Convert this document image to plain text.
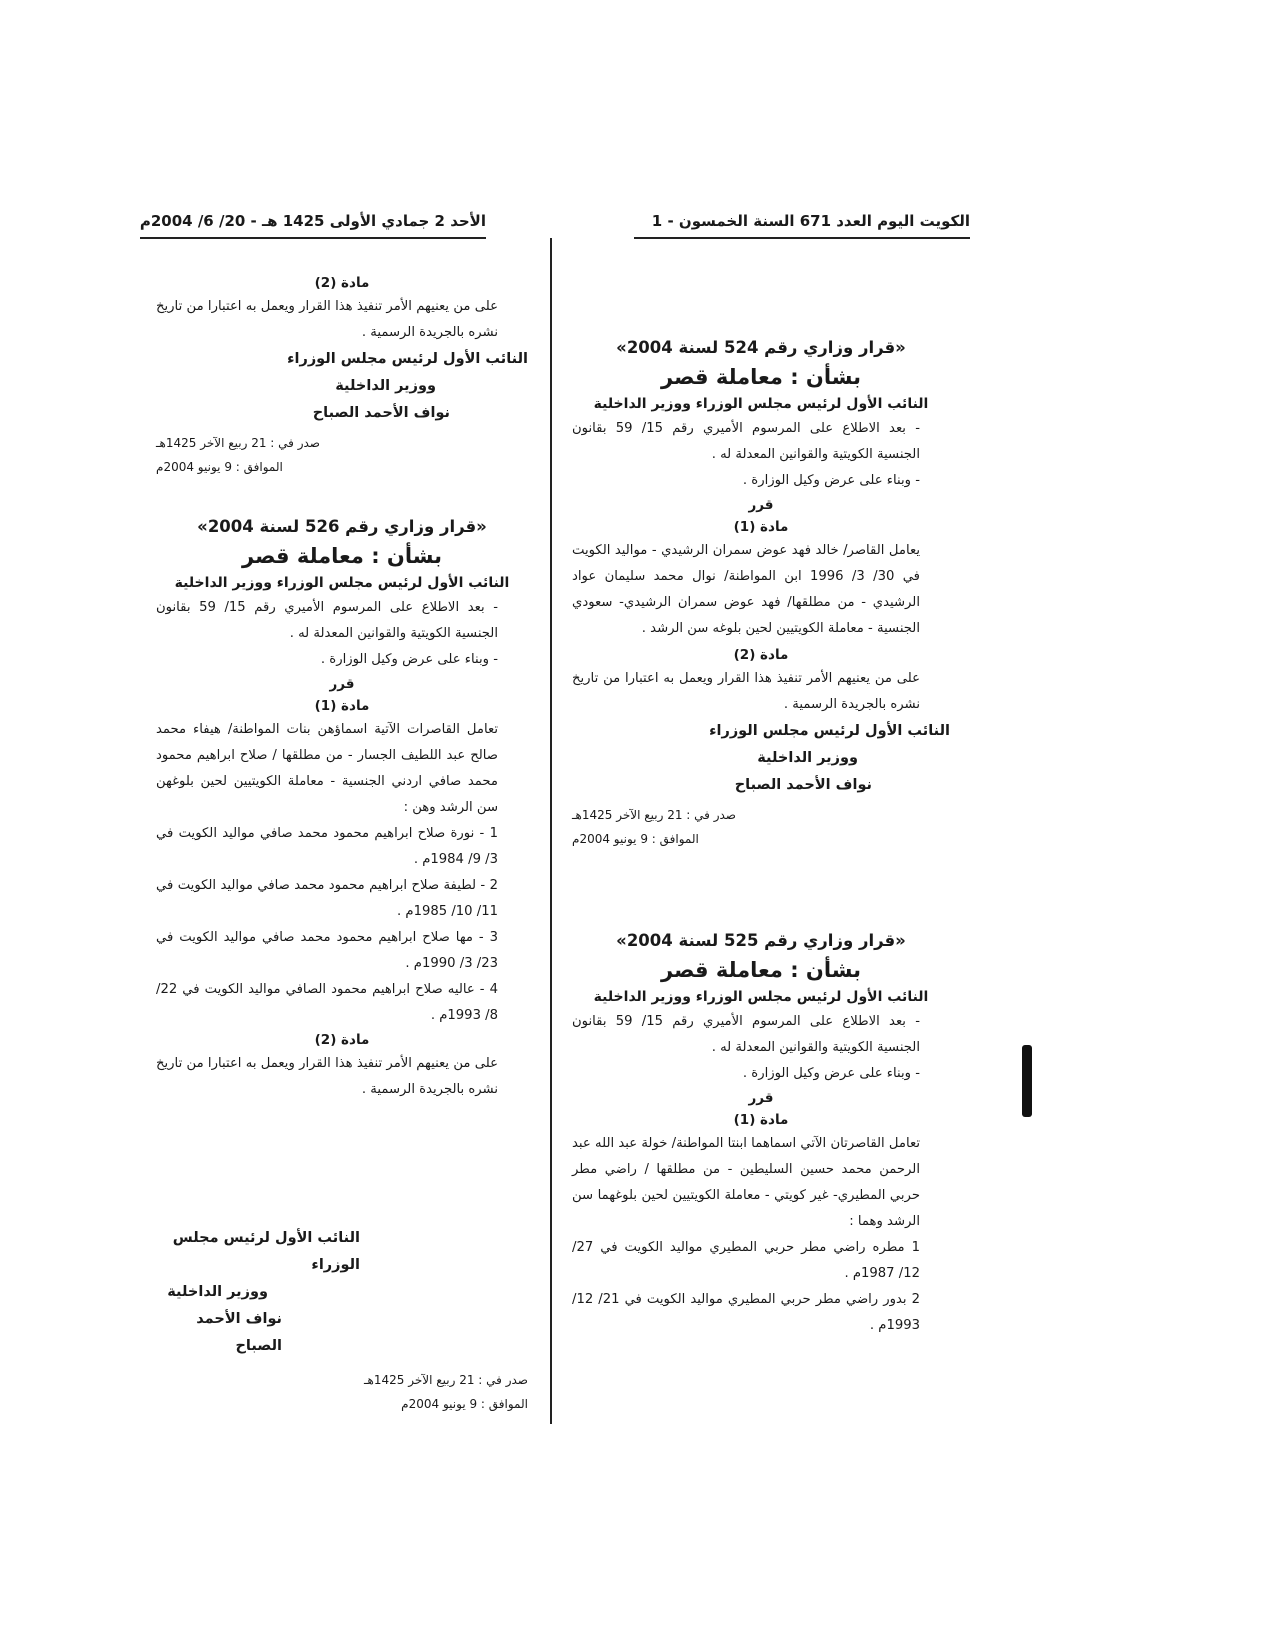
الكويت اليوم العدد 671 السنة الخمسون - 1
الأحد 2 جمادي الأولى 1425 هـ - 20/ 6/ 2004م
«قرار وزاري رقم 524 لسنة 2004»
بشأن : معاملة قصر
النائب الأول لرئيس مجلس الوزراء ووزير الداخلية

- بعد الاطلاع على المرسوم الأميري رقم 15/ 59 بقانون الجنسية الكويتية والقوانين المعدلة له .

- وبناء على عرض وكيل الوزارة .

قرر
مادة (1)

يعامل القاصر/ خالد فهد عوض سمران الرشيدي - مواليد الكويت في 30/ 3/ 1996 ابن المواطنة/ نوال محمد سليمان عواد الرشيدي - من مطلقها/ فهد عوض سمران الرشيدي- سعودي الجنسية - معاملة الكويتيين لحين بلوغه سن الرشد .

مادة (2)

على من يعنيهم الأمر تنفيذ هذا القرار ويعمل به اعتبارا من تاريخ نشره بالجريدة الرسمية .

النائب الأول لرئيس مجلس الوزراء
ووزير الداخلية
نواف الأحمد الصباح
صدر في : 21 ربيع الآخر 1425هـ
الموافق : 9 يونيو 2004م
«قرار وزاري رقم 525 لسنة 2004»
بشأن : معاملة قصر
النائب الأول لرئيس مجلس الوزراء ووزير الداخلية

- بعد الاطلاع على المرسوم الأميري رقم 15/ 59 بقانون الجنسية الكويتية والقوانين المعدلة له .

- وبناء على عرض وكيل الوزارة .

قرر
مادة (1)

تعامل القاصرتان الآتي اسماهما ابنتا المواطنة/ خولة عبد الله عبد الرحمن محمد حسين السليطين - من مطلقها / راضي مطر حربي المطيري- غير كويتي - معاملة الكويتيين لحين بلوغهما سن الرشد وهما :

1 مطره راضي مطر حربي المطيري مواليد الكويت في 27/ 12/ 1987م .

2 بدور راضي مطر حربي المطيري مواليد الكويت في 21/ 12/ 1993م .

مادة (2)

على من يعنيهم الأمر تنفيذ هذا القرار ويعمل به اعتبارا من تاريخ نشره بالجريدة الرسمية .

النائب الأول لرئيس مجلس الوزراء
ووزير الداخلية
نواف الأحمد الصباح
صدر في : 21 ربيع الآخر 1425هـ
الموافق : 9 يونيو 2004م
«قرار وزاري رقم 526 لسنة 2004»
بشأن : معاملة قصر
النائب الأول لرئيس مجلس الوزراء ووزير الداخلية

- بعد الاطلاع على المرسوم الأميري رقم 15/ 59 بقانون الجنسية الكويتية والقوانين المعدلة له .

- وبناء على عرض وكيل الوزارة .

قرر
مادة (1)

تعامل القاصرات الآتية اسماؤهن بنات المواطنة/ هيفاء محمد صالح عبد اللطيف الجسار - من مطلقها / صلاح ابراهيم محمود محمد صافي اردني الجنسية - معاملة الكويتيين لحين بلوغهن سن الرشد وهن :

1 - نورة صلاح ابراهيم محمود محمد صافي مواليد الكويت في 3/ 9/ 1984م .

2 - لطيفة صلاح ابراهيم محمود محمد صافي مواليد الكويت في 11/ 10/ 1985م .

3 - مها صلاح ابراهيم محمود محمد صافي مواليد الكويت في 23/ 3/ 1990م .

4 - عاليه صلاح ابراهيم محمود الصافي مواليد الكويت في 22/ 8/ 1993م .

مادة (2)

على من يعنيهم الأمر تنفيذ هذا القرار ويعمل به اعتبارا من تاريخ نشره بالجريدة الرسمية .

النائب الأول لرئيس مجلس الوزراء
ووزير الداخلية
نواف الأحمد الصباح
صدر في : 21 ربيع الآخر 1425هـ
الموافق : 9 يونيو 2004م
